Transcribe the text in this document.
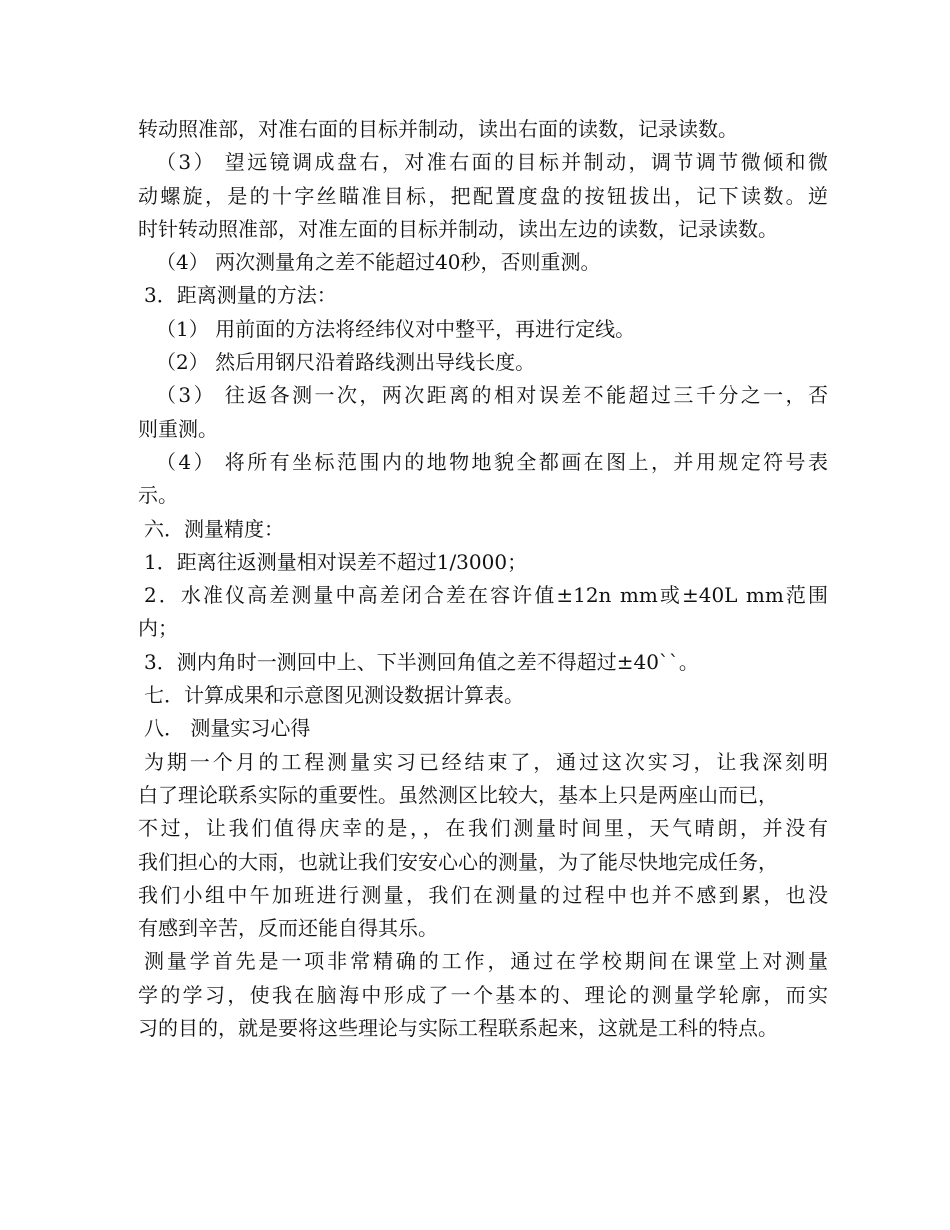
转动照准部，对准右面的目标并制动，读出右面的读数，记录读数。
（3） 望远镜调成盘右，对准右面的目标并制动，调节调节微倾和微
动螺旋，是的十字丝瞄准目标，把配置度盘的按钮拔出，记下读数。逆
时针转动照准部，对准左面的目标并制动，读出左边的读数，记录读数。
（4） 两次测量角之差不能超过40秒，否则重测。
3．距离测量的方法：
（1） 用前面的方法将经纬仪对中整平，再进行定线。
（2） 然后用钢尺沿着路线测出导线长度。
（3） 往返各测一次，两次距离的相对误差不能超过三千分之一，否
则重测。
（4） 将所有坐标范围内的地物地貌全都画在图上，并用规定符号表
示。
六．测量精度：
1．距离往返测量相对误差不超过1/3000；
2．水准仪高差测量中高差闭合差在容许值±12n mm或±40L mm范围
内；
3．测内角时一测回中上、下半测回角值之差不得超过±40``。
七．计算成果和示意图见测设数据计算表。
八． 测量实习心得
为期一个月的工程测量实习已经结束了，通过这次实习，让我深刻明
白了理论联系实际的重要性。虽然测区比较大，基本上只是两座山而已，
不过，让我们值得庆幸的是，，在我们测量时间里，天气晴朗，并没有
我们担心的大雨，也就让我们安安心心的测量，为了能尽快地完成任务，
我们小组中午加班进行测量，我们在测量的过程中也并不感到累，也没
有感到辛苦，反而还能自得其乐。
测量学首先是一项非常精确的工作，通过在学校期间在课堂上对测量
学的学习，使我在脑海中形成了一个基本的、理论的测量学轮廓，而实
习的目的，就是要将这些理论与实际工程联系起来，这就是工科的特点。
